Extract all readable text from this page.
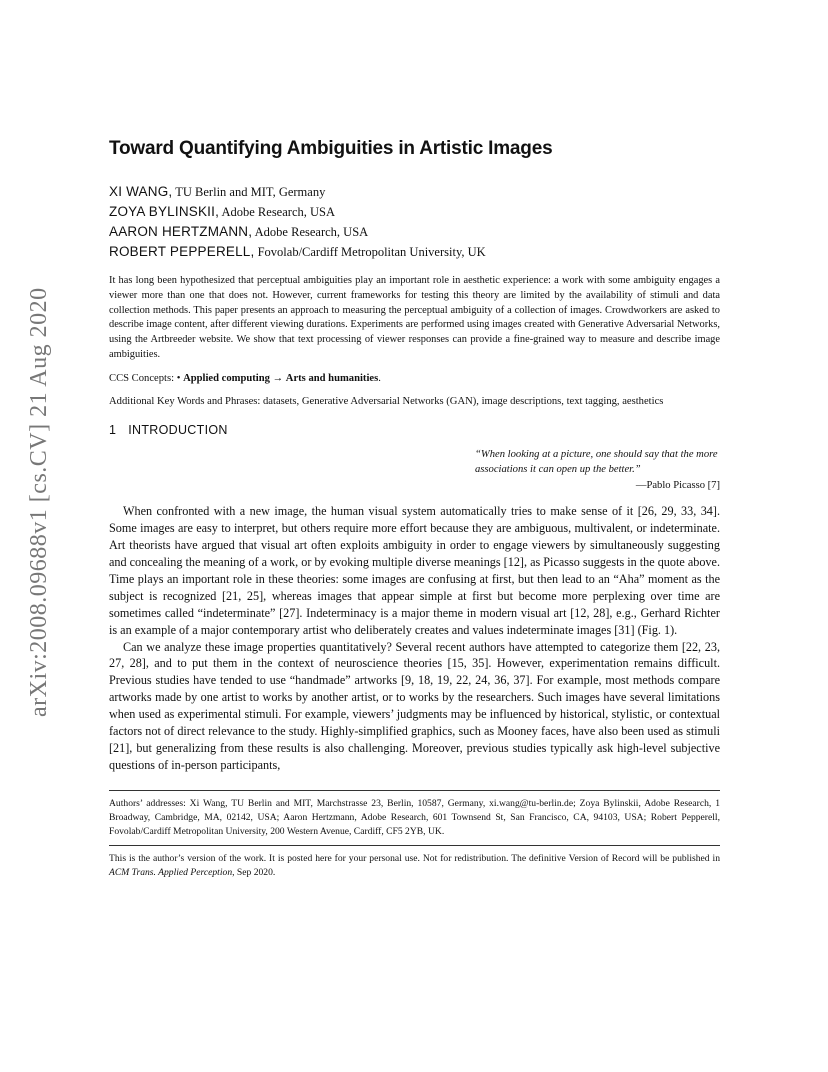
arXiv:2008.09688v1 [cs.CV] 21 Aug 2020
Toward Quantifying Ambiguities in Artistic Images
XI WANG, TU Berlin and MIT, Germany
ZOYA BYLINSKII, Adobe Research, USA
AARON HERTZMANN, Adobe Research, USA
ROBERT PEPPERELL, Fovolab/Cardiff Metropolitan University, UK

It has long been hypothesized that perceptual ambiguities play an important role in aesthetic experience: a work with some ambiguity engages a viewer more than one that does not. However, current frameworks for testing this theory are limited by the availability of stimuli and data collection methods. This paper presents an approach to measuring the perceptual ambiguity of a collection of images. Crowdworkers are asked to describe image content, after different viewing durations. Experiments are performed using images created with Generative Adversarial Networks, using the Artbreeder website. We show that text processing of viewer responses can provide a fine-grained way to measure and describe image ambiguities.

CCS Concepts: • Applied computing → Arts and humanities.

Additional Key Words and Phrases: datasets, Generative Adversarial Networks (GAN), image descriptions, text tagging, aesthetics

1 INTRODUCTION
“When looking at a picture, one should say that the more associations it can open up the better.”
—Pablo Picasso [7]

When confronted with a new image, the human visual system automatically tries to make sense of it [26, 29, 33, 34]. Some images are easy to interpret, but others require more effort because they are ambiguous, multivalent, or indeterminate. Art theorists have argued that visual art often exploits ambiguity in order to engage viewers by simultaneously suggesting and concealing the meaning of a work, or by evoking multiple diverse meanings [12], as Picasso suggests in the quote above. Time plays an important role in these theories: some images are confusing at first, but then lead to an “Aha” moment as the subject is recognized [21, 25], whereas images that appear simple at first but become more perplexing over time are sometimes called “indeterminate” [27]. Indeterminacy is a major theme in modern visual art [12, 28], e.g., Gerhard Richter is an example of a major contemporary artist who deliberately creates and values indeterminate images [31] (Fig. 1).

Can we analyze these image properties quantitatively? Several recent authors have attempted to categorize them [22, 23, 27, 28], and to put them in the context of neuroscience theories [15, 35]. However, experimentation remains difficult. Previous studies have tended to use “handmade” artworks [9, 18, 19, 22, 24, 36, 37]. For example, most methods compare artworks made by one artist to works by another artist, or to works by the researchers. Such images have several limitations when used as experimental stimuli. For example, viewers’ judgments may be influenced by historical, stylistic, or contextual factors not of direct relevance to the study. Highly-simplified graphics, such as Mooney faces, have also been used as stimuli [21], but generalizing from these results is also challenging. Moreover, previous studies typically ask high-level subjective questions of in-person participants,

Authors’ addresses: Xi Wang, TU Berlin and MIT, Marchstrasse 23, Berlin, 10587, Germany, xi.wang@tu-berlin.de; Zoya Bylinskii, Adobe Research, 1 Broadway, Cambridge, MA, 02142, USA; Aaron Hertzmann, Adobe Research, 601 Townsend St, San Francisco, CA, 94103, USA; Robert Pepperell, Fovolab/Cardiff Metropolitan University, 200 Western Avenue, Cardiff, CF5 2YB, UK.
This is the author’s version of the work. It is posted here for your personal use. Not for redistribution. The definitive Version of Record will be published in ACM Trans. Applied Perception, Sep 2020.
